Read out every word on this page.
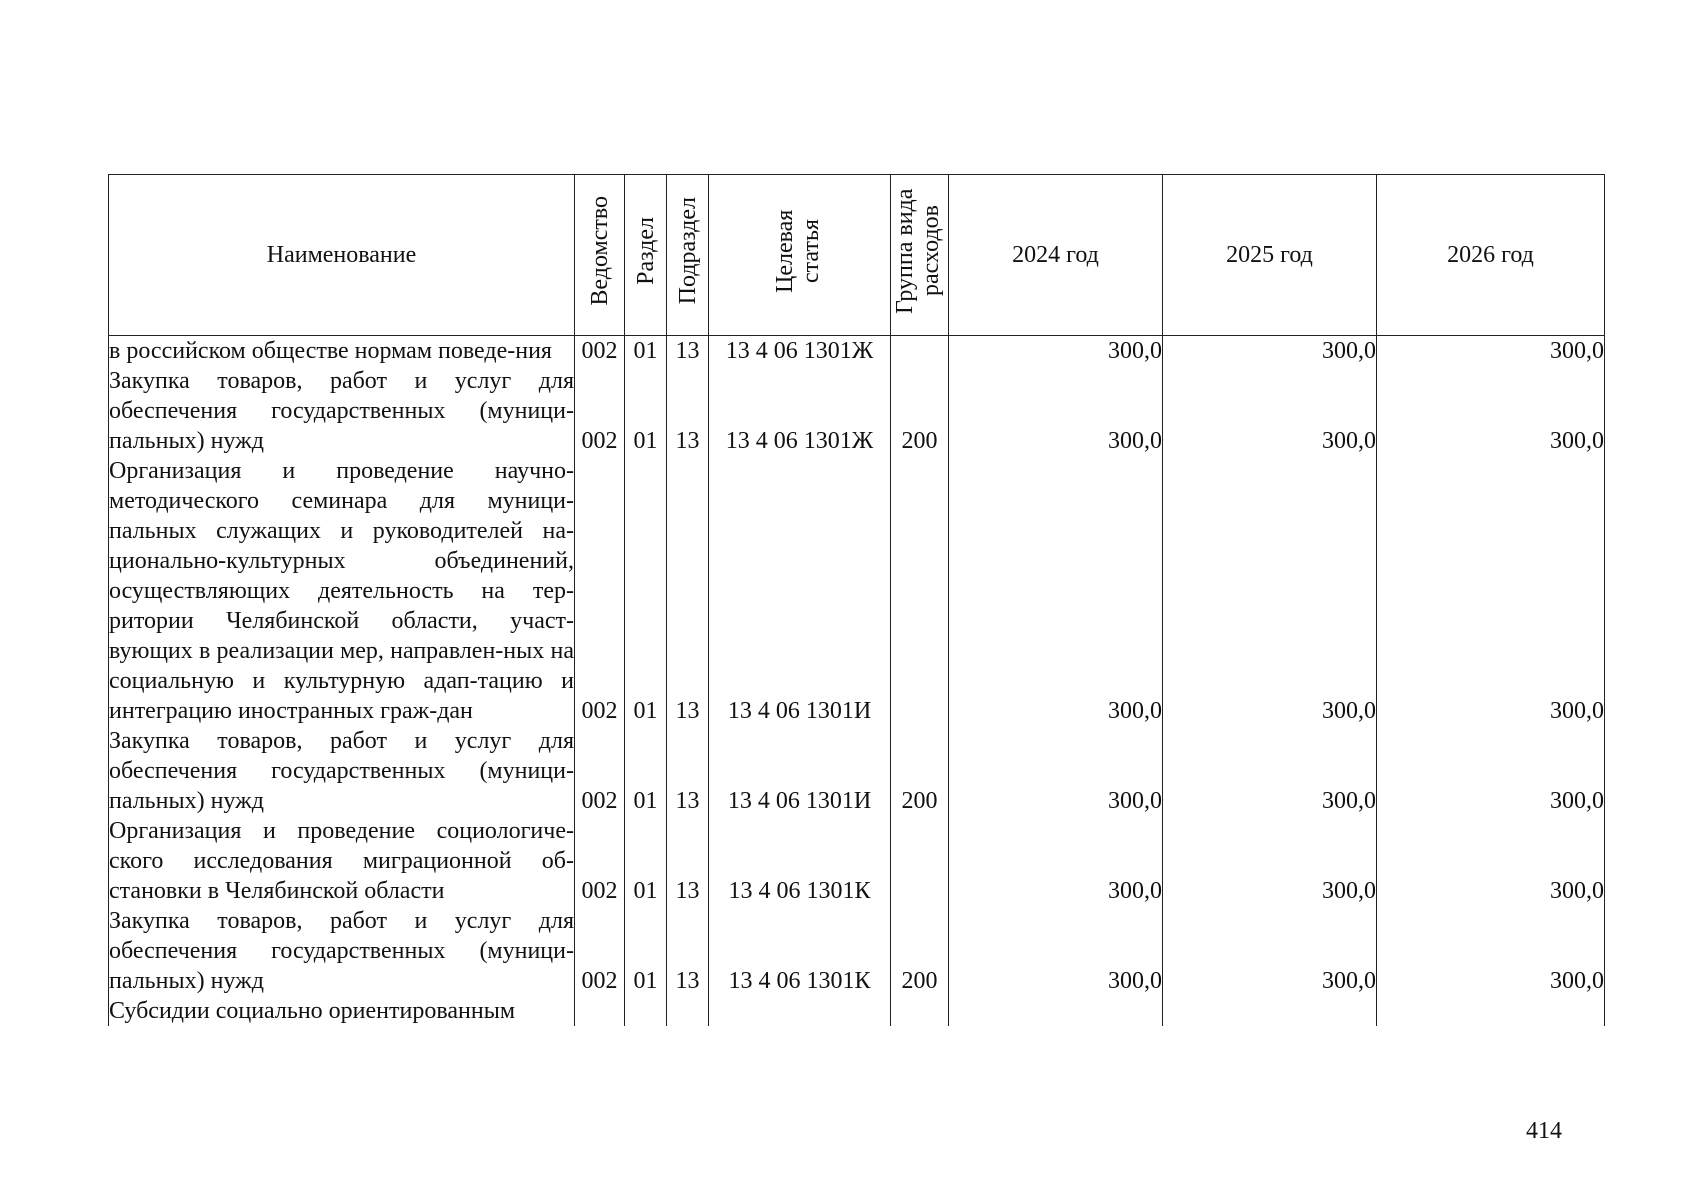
Наименование	Ведомство	Раздел	Подраздел	Целевая статья	Группа вида расходов	2024 год	2025 год	2026 год
в российском обществе нормам поведе-ния	002	01	13	13 4 06 1301Ж		300,0	300,0	300,0
Закупка товаров, работ и услуг для обеспечения государственных (муници-пальных) нужд	002	01	13	13 4 06 1301Ж	200	300,0	300,0	300,0
Организация и проведение научно-методического семинара для муници-пальных служащих и руководителей на-ционально-культурных объединений, осуществляющих деятельность на тер-ритории Челябинской области, участ-вующих в реализации мер, направлен-ных на социальную и культурную адап-тацию и интеграцию иностранных граж-дан	002	01	13	13 4 06 1301И		300,0	300,0	300,0
Закупка товаров, работ и услуг для обеспечения государственных (муници-пальных) нужд	002	01	13	13 4 06 1301И	200	300,0	300,0	300,0
Организация и проведение социологиче-ского исследования миграционной об-становки в Челябинской области	002	01	13	13 4 06 1301К		300,0	300,0	300,0
Закупка товаров, работ и услуг для обеспечения государственных (муници-пальных) нужд	002	01	13	13 4 06 1301К	200	300,0	300,0	300,0
Субсидии социально ориентированным								
414
